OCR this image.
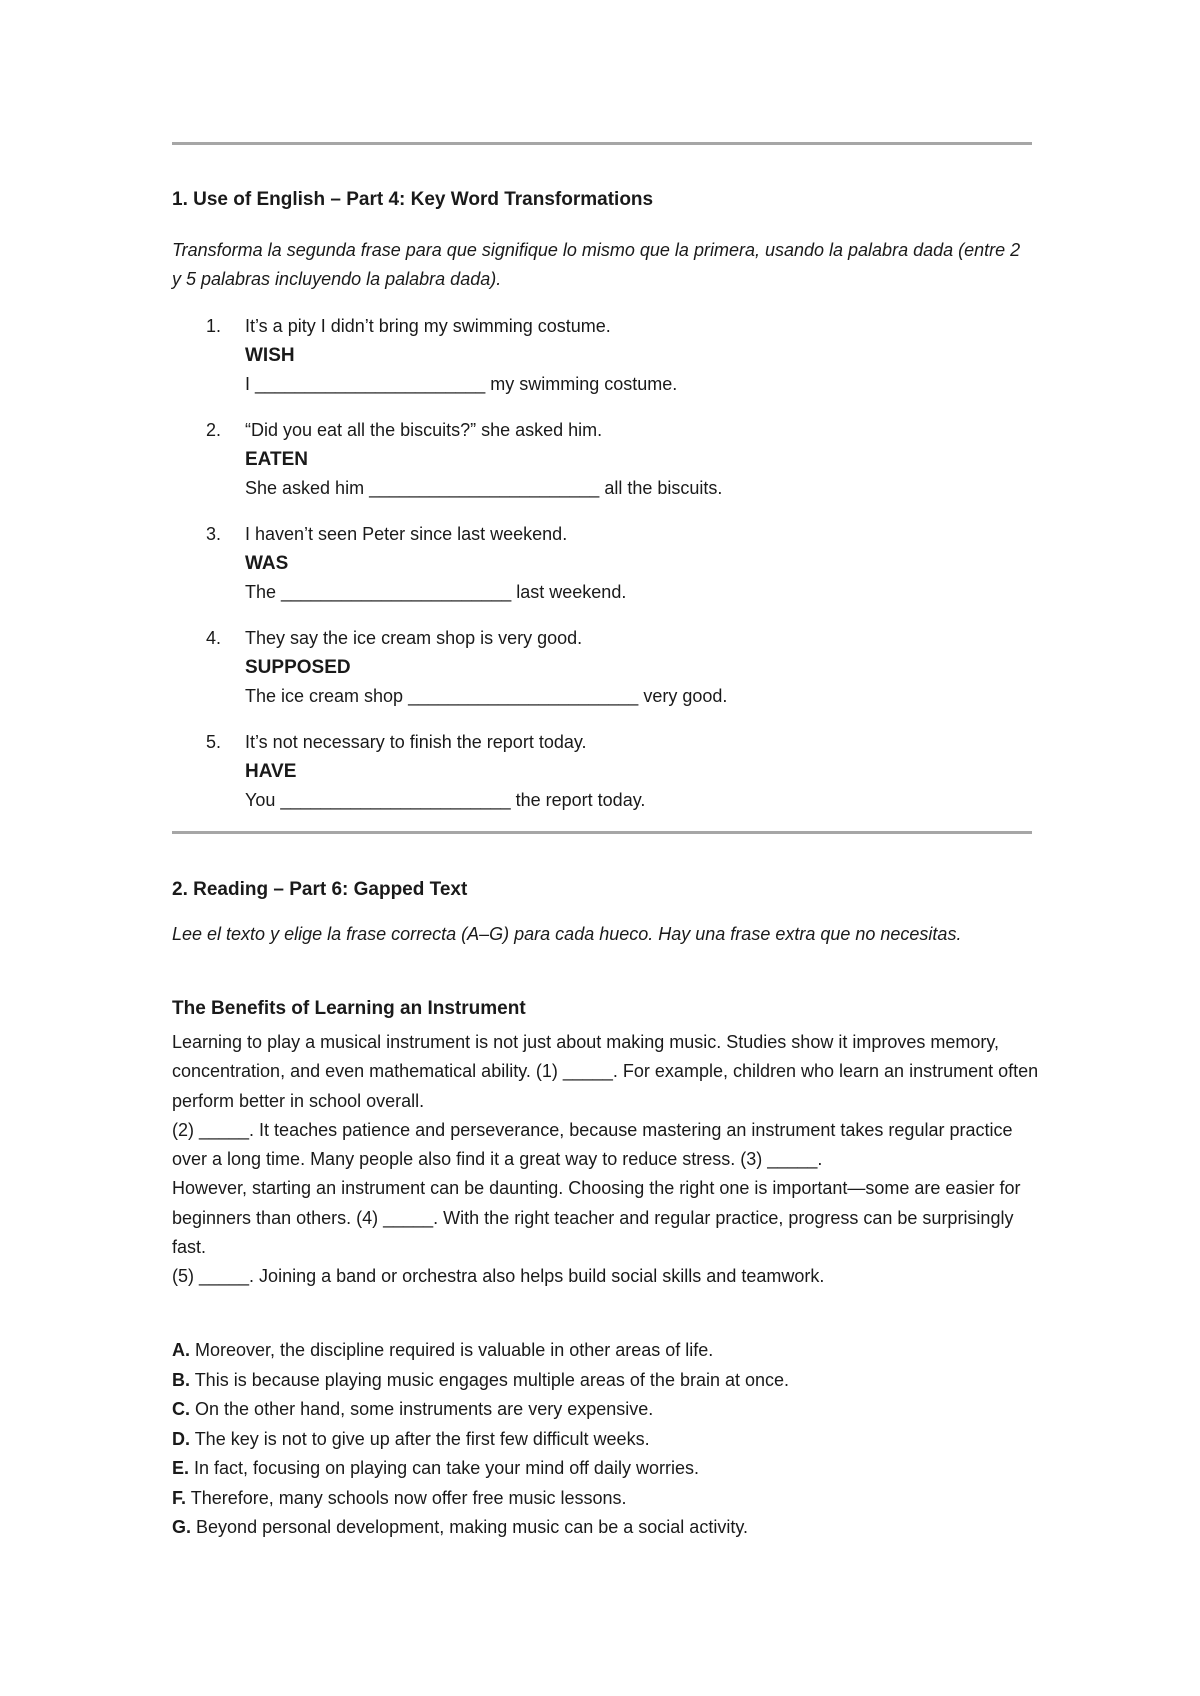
1. Use of English – Part 4: Key Word Transformations
Transforma la segunda frase para que signifique lo mismo que la primera, usando la palabra dada (entre 2 y 5 palabras incluyendo la palabra dada).
1.	It’s a pity I didn’t bring my swimming costume.
WISH
I _______________________ my swimming costume.
2.	“Did you eat all the biscuits?” she asked him.
EATEN
She asked him _______________________ all the biscuits.
3.	I haven’t seen Peter since last weekend.
WAS
The _______________________ last weekend.
4.	They say the ice cream shop is very good.
SUPPOSED
The ice cream shop _______________________ very good.
5.	It’s not necessary to finish the report today.
HAVE
You _______________________ the report today.
2. Reading – Part 6: Gapped Text
Lee el texto y elige la frase correcta (A–G) para cada hueco. Hay una frase extra que no necesitas.
The Benefits of Learning an Instrument

Learning to play a musical instrument is not just about making music. Studies show it improves memory, concentration, and even mathematical ability. (1) _____. For example, children who learn an instrument often perform better in school overall.

(2) _____. It teaches patience and perseverance, because mastering an instrument takes regular practice over a long time. Many people also find it a great way to reduce stress. (3) _____.

However, starting an instrument can be daunting. Choosing the right one is important—some are easier for beginners than others. (4) _____. With the right teacher and regular practice, progress can be surprisingly fast.

(5) _____. Joining a band or orchestra also helps build social skills and teamwork.

A. Moreover, the discipline required is valuable in other areas of life.
B. This is because playing music engages multiple areas of the brain at once.
C. On the other hand, some instruments are very expensive.
D. The key is not to give up after the first few difficult weeks.
E. In fact, focusing on playing can take your mind off daily worries.
F. Therefore, many schools now offer free music lessons.
G. Beyond personal development, making music can be a social activity.
